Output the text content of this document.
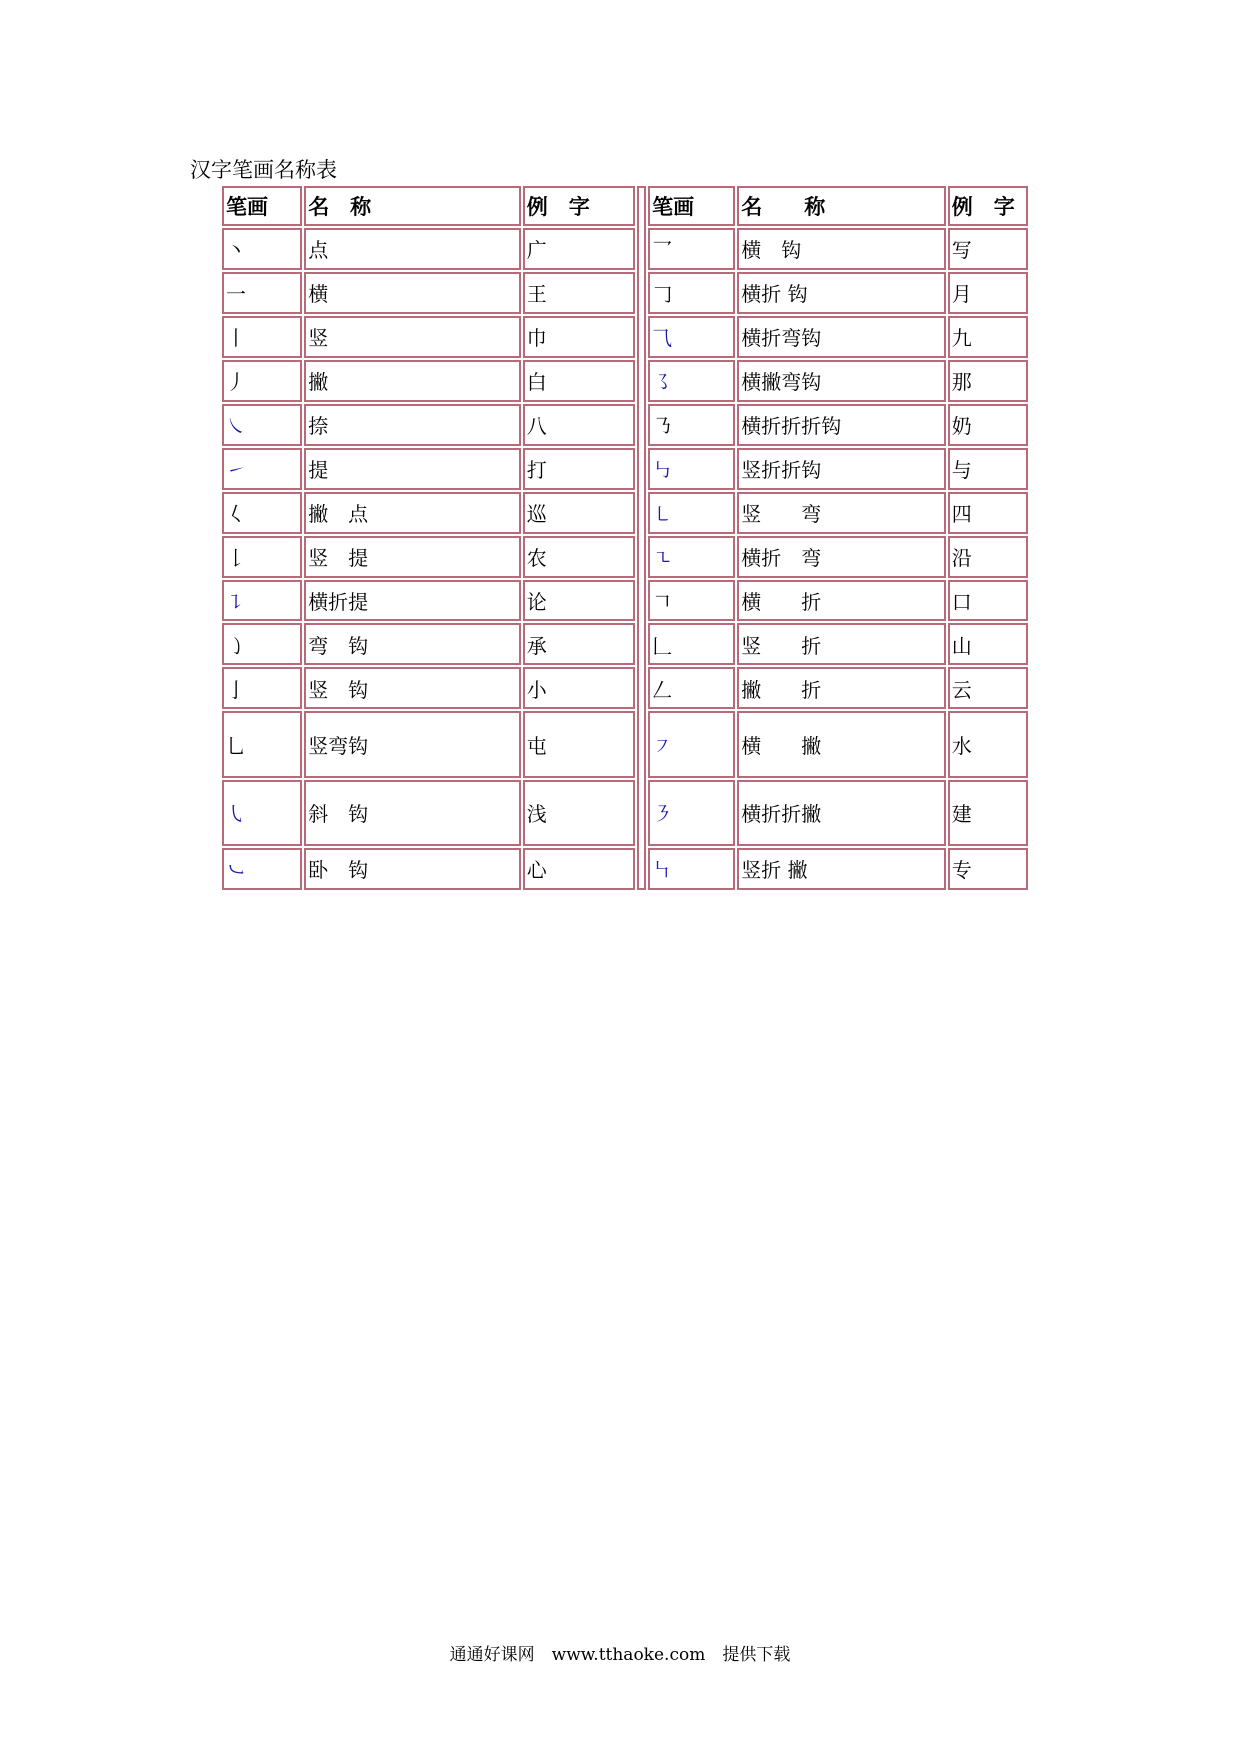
汉字笔画名称表
笔画	名　称	例　字		笔画	名　　称	例　字
丶	点	广		乛	横　钩	写
一	横	王		𠃌	横折 钩	月
丨	竖	巾		⺄	横折弯钩	九
丿	撇	白		㇌	横撇弯钩	那
㇏	捺	八		㇡	横折折折钩	奶
㇀	提	打		㇉	竖折折钩	与
𡿨	撇　点	巡		㇄	竖　　弯	四
𠄌	竖　提	农		㇍	横折　弯	沿
㇊	横折提	论		𠃍	横　　折	口
㇁	弯　钩	承		𠃊	竖　　折	山
亅	竖　钩	小		𠃋	撇　　折	云
乚	竖弯钩	屯		㇇	横　　撇	水
㇂	斜　钩	浅		㇋	横折折撇	建
㇃	卧　钩	心		㇞	竖折 撇	专
通通好课网　www.tthaoke.com　提供下载
